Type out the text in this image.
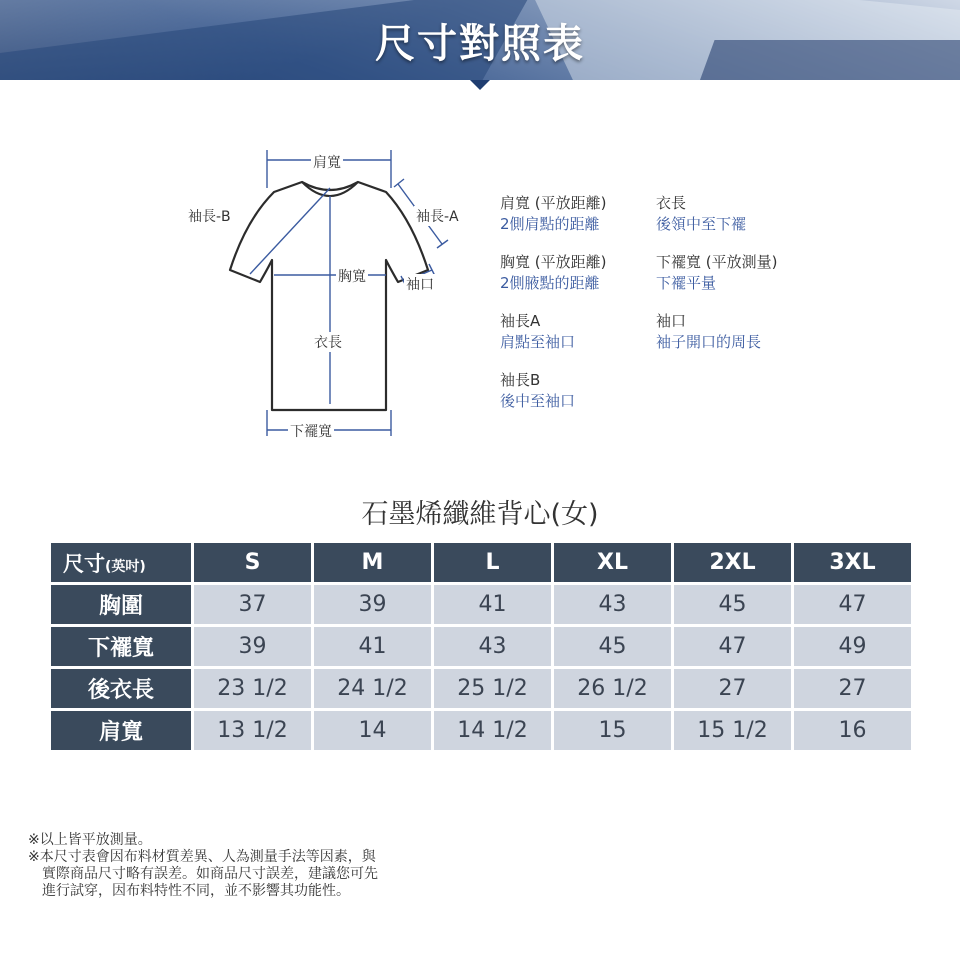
尺寸對照表
肩寬
袖長-B	袖長-A
胸寬	袖口
衣長
下襬寬
肩寬 (平放距離)
2側肩點的距離
衣長
後領中至下襬
胸寬 (平放距離)
2側腋點的距離
下襬寬 (平放測量)
下襬平量
袖長A
肩點至袖口
袖口
袖子開口的周長
袖長B
後中至袖口
石墨烯纖維背心(女)
尺寸(英吋)	S	M	L	XL	2XL	3XL
胸圍	37	39	41	43	45	47
下襬寬	39	41	43	45	47	49
後衣長	23 1/2	24 1/2	25 1/2	26 1/2	27	27
肩寬	13 1/2	14	14 1/2	15	15 1/2	16

※以上皆平放測量。

※本尺寸表會因布料材質差異、人為測量手法等因素，與

實際商品尺寸略有誤差。如商品尺寸誤差，建議您可先

進行試穿，因布料特性不同，並不影響其功能性。
